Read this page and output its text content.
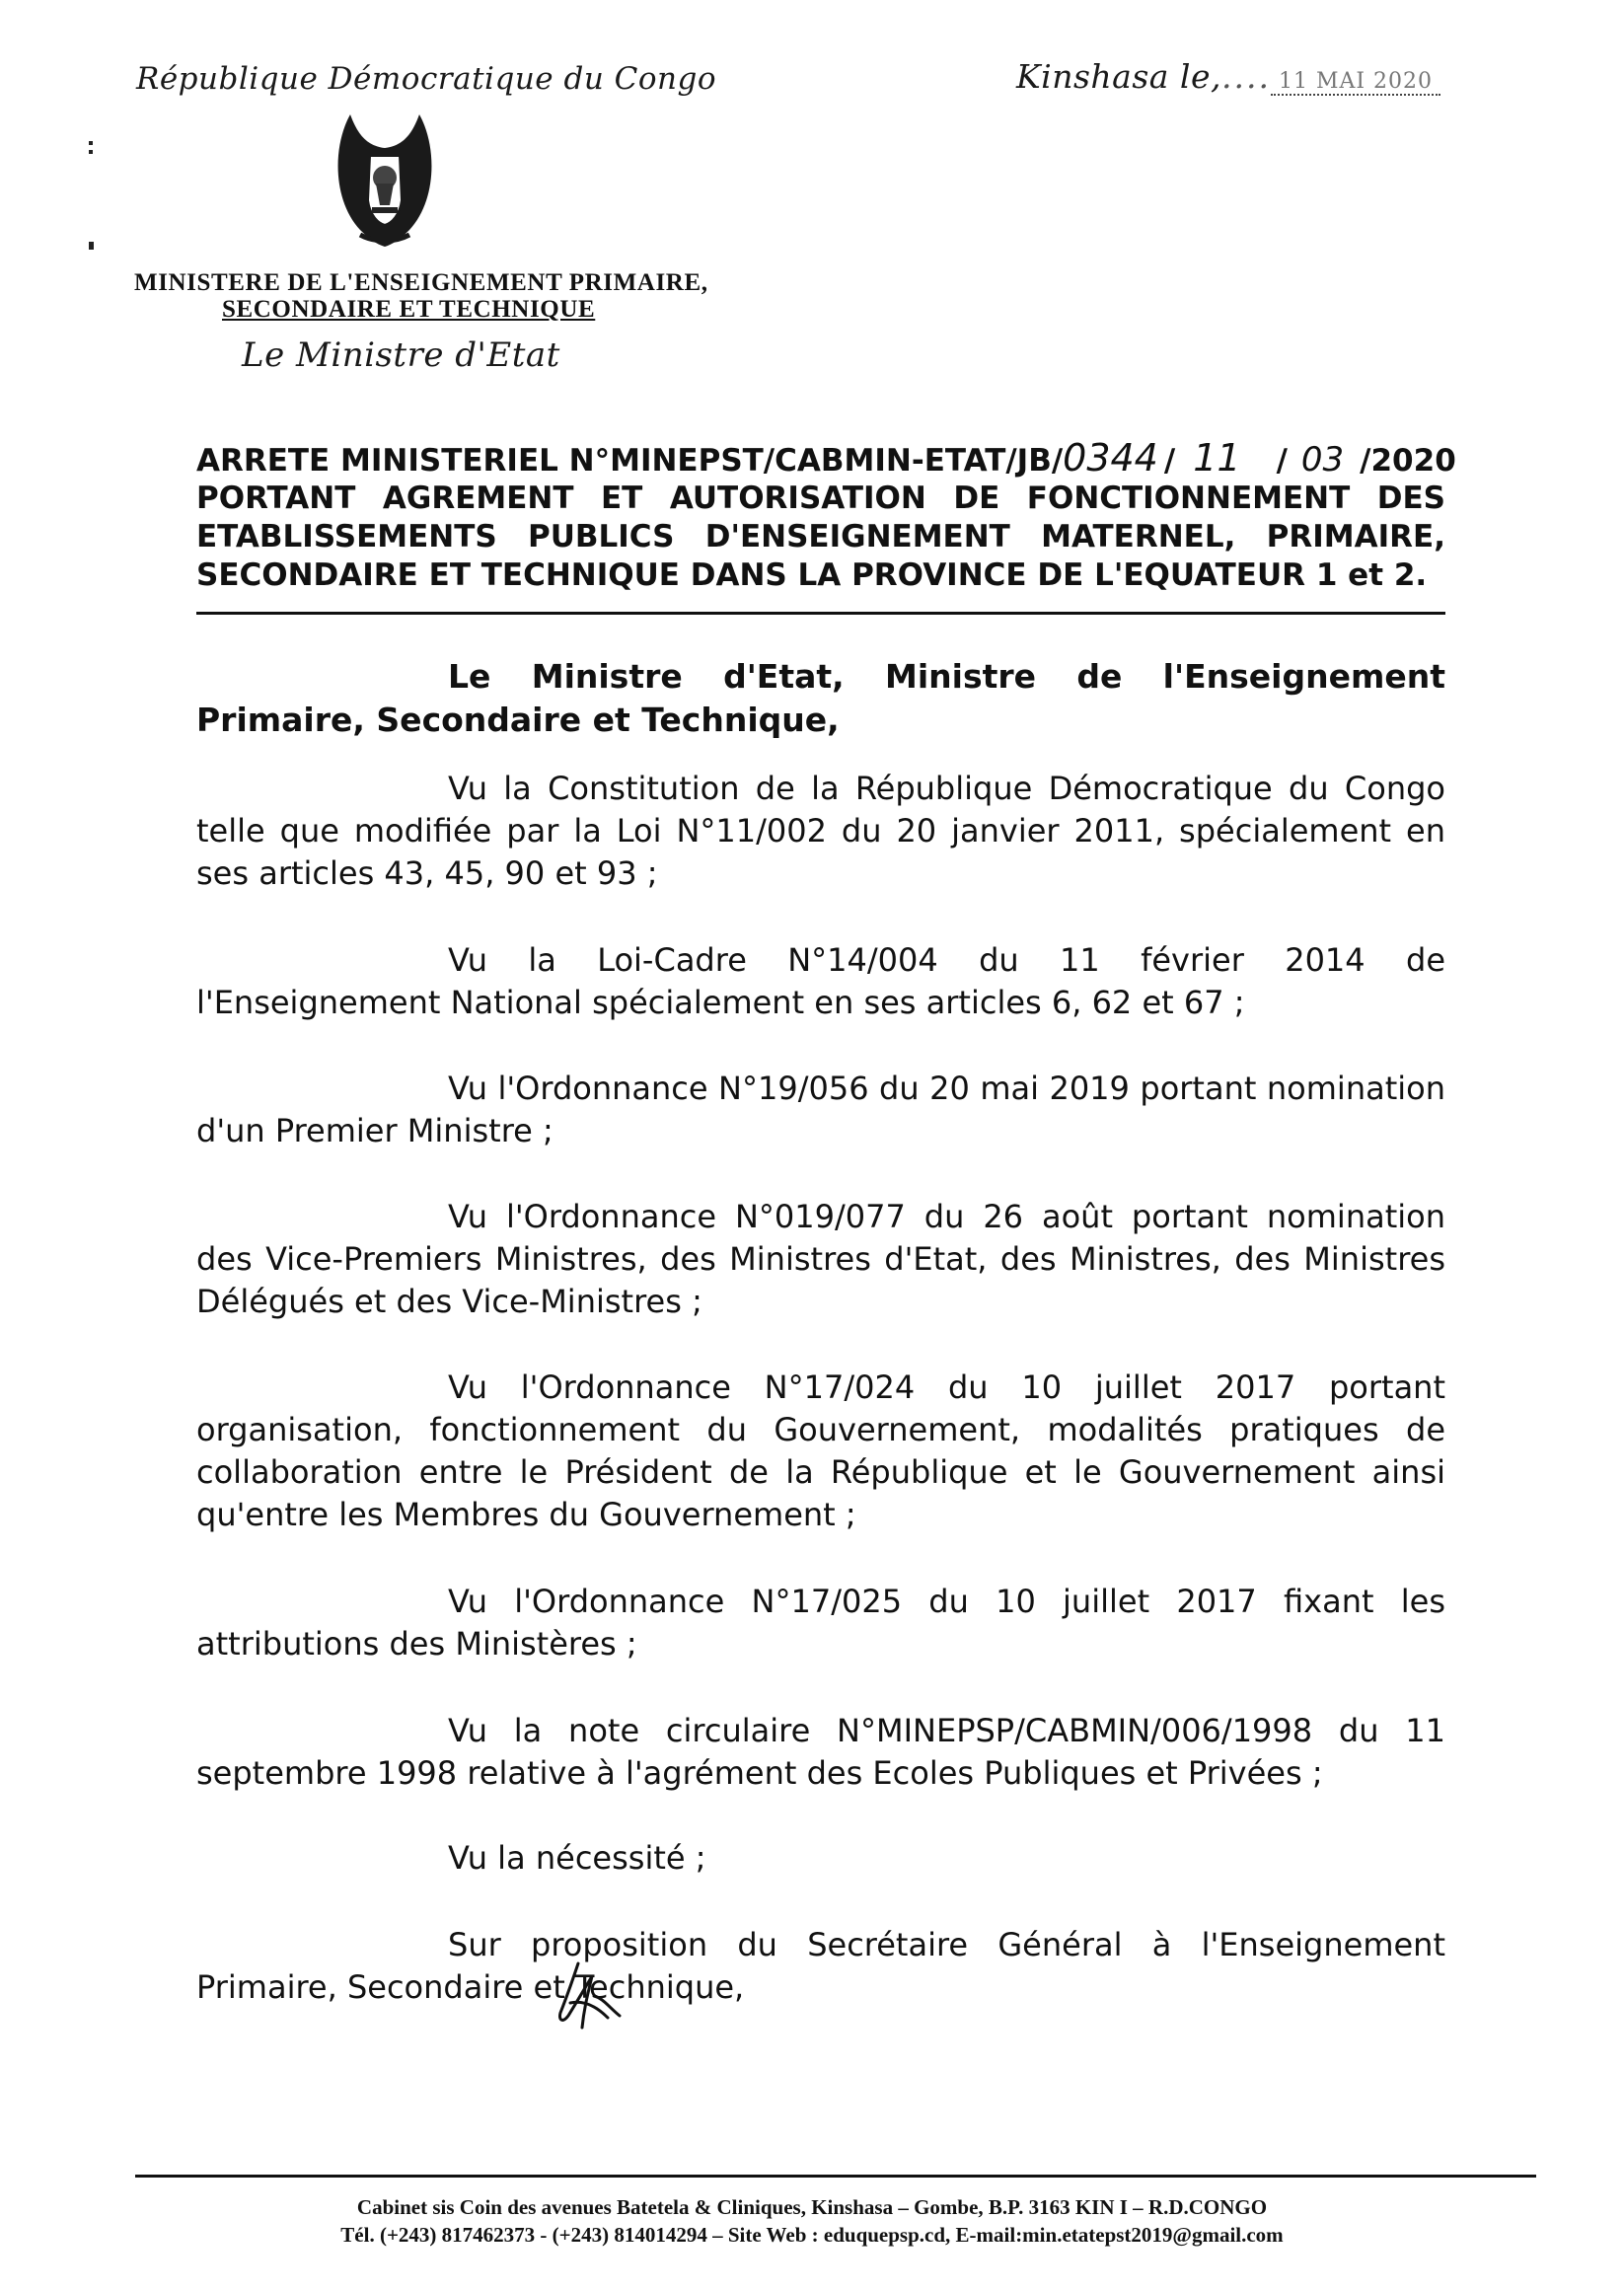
République Démocratique du Congo	Kinshasa le,.... 11 MAI 2020
MINISTERE DE L'ENSEIGNEMENT PRIMAIRE,
SECONDAIRE ET TECHNIQUE
Le Ministre d'Etat
ARRETE MINISTERIEL N°MINEPST/CABMIN-ETAT/JB/0344 / 11 / 03 /2020
PORTANT AGREMENT ET AUTORISATION DE FONCTIONNEMENT DES
ETABLISSEMENTS PUBLICS D'ENSEIGNEMENT MATERNEL, PRIMAIRE,
SECONDAIRE ET TECHNIQUE DANS LA PROVINCE DE L'EQUATEUR 1 et 2.
Le Ministre d'Etat, Ministre de l'Enseignement Primaire, Secondaire et Technique,
Vu la Constitution de la République Démocratique du Congo telle que modifiée par la Loi N°11/002 du 20 janvier 2011, spécialement en ses articles 43, 45, 90 et 93 ;
Vu la Loi-Cadre N°14/004 du 11 février 2014 de l'Enseignement National spécialement en ses articles 6, 62 et 67 ;
Vu l'Ordonnance N°19/056 du 20 mai 2019 portant nomination d'un Premier Ministre ;
Vu l'Ordonnance N°019/077 du 26 août portant nomination des Vice-Premiers Ministres, des Ministres d'Etat, des Ministres, des Ministres Délégués et des Vice-Ministres ;
Vu l'Ordonnance N°17/024 du 10 juillet 2017 portant organisation, fonctionnement du Gouvernement, modalités pratiques de collaboration entre le Président de la République et le Gouvernement ainsi qu'entre les Membres du Gouvernement ;
Vu l'Ordonnance N°17/025 du 10 juillet 2017 fixant les attributions des Ministères ;
Vu la note circulaire N°MINEPSP/CABMIN/006/1998 du 11 septembre 1998 relative à l'agrément des Ecoles Publiques et Privées ;
Vu la nécessité ;
Sur proposition du Secrétaire Général à l'Enseignement Primaire, Secondaire et Technique,
Cabinet sis Coin des avenues Batetela & Cliniques, Kinshasa – Gombe, B.P. 3163 KIN I – R.D.CONGO
Tél. (+243) 817462373 - (+243) 814014294 – Site Web : eduquepsp.cd, E-mail:min.etatepst2019@gmail.com
